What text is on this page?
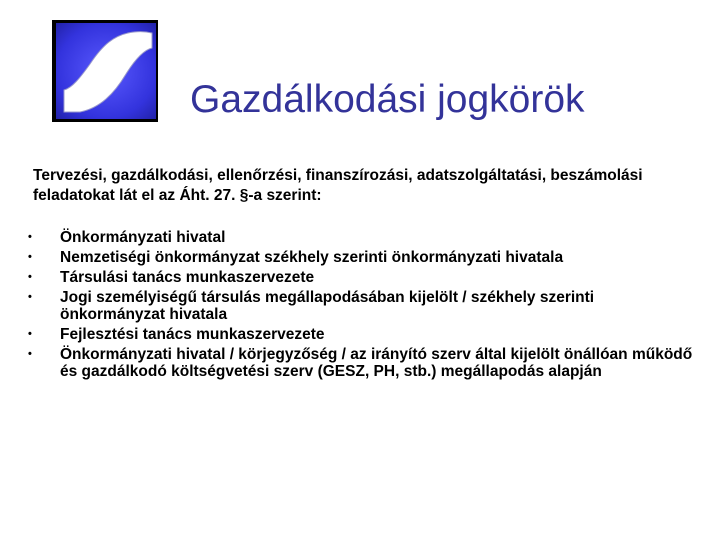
Gazdálkodási jogkörök
Tervezési, gazdálkodási, ellenőrzési, finanszírozási, adatszolgáltatási, beszámolási feladatokat lát el az Áht. 27. §-a szerint:
•	Önkormányzati hivatal
•	Nemzetiségi önkormányzat székhely szerinti önkormányzati hivatala
•	Társulási tanács munkaszervezete
•	Jogi személyiségű társulás megállapodásában kijelölt / székhely szerinti önkormányzat hivatala
•	Fejlesztési tanács munkaszervezete
•	Önkormányzati hivatal / körjegyzőség / az irányító szerv által kijelölt önállóan működő és gazdálkodó költségvetési szerv (GESZ, PH, stb.) megállapodás alapján
